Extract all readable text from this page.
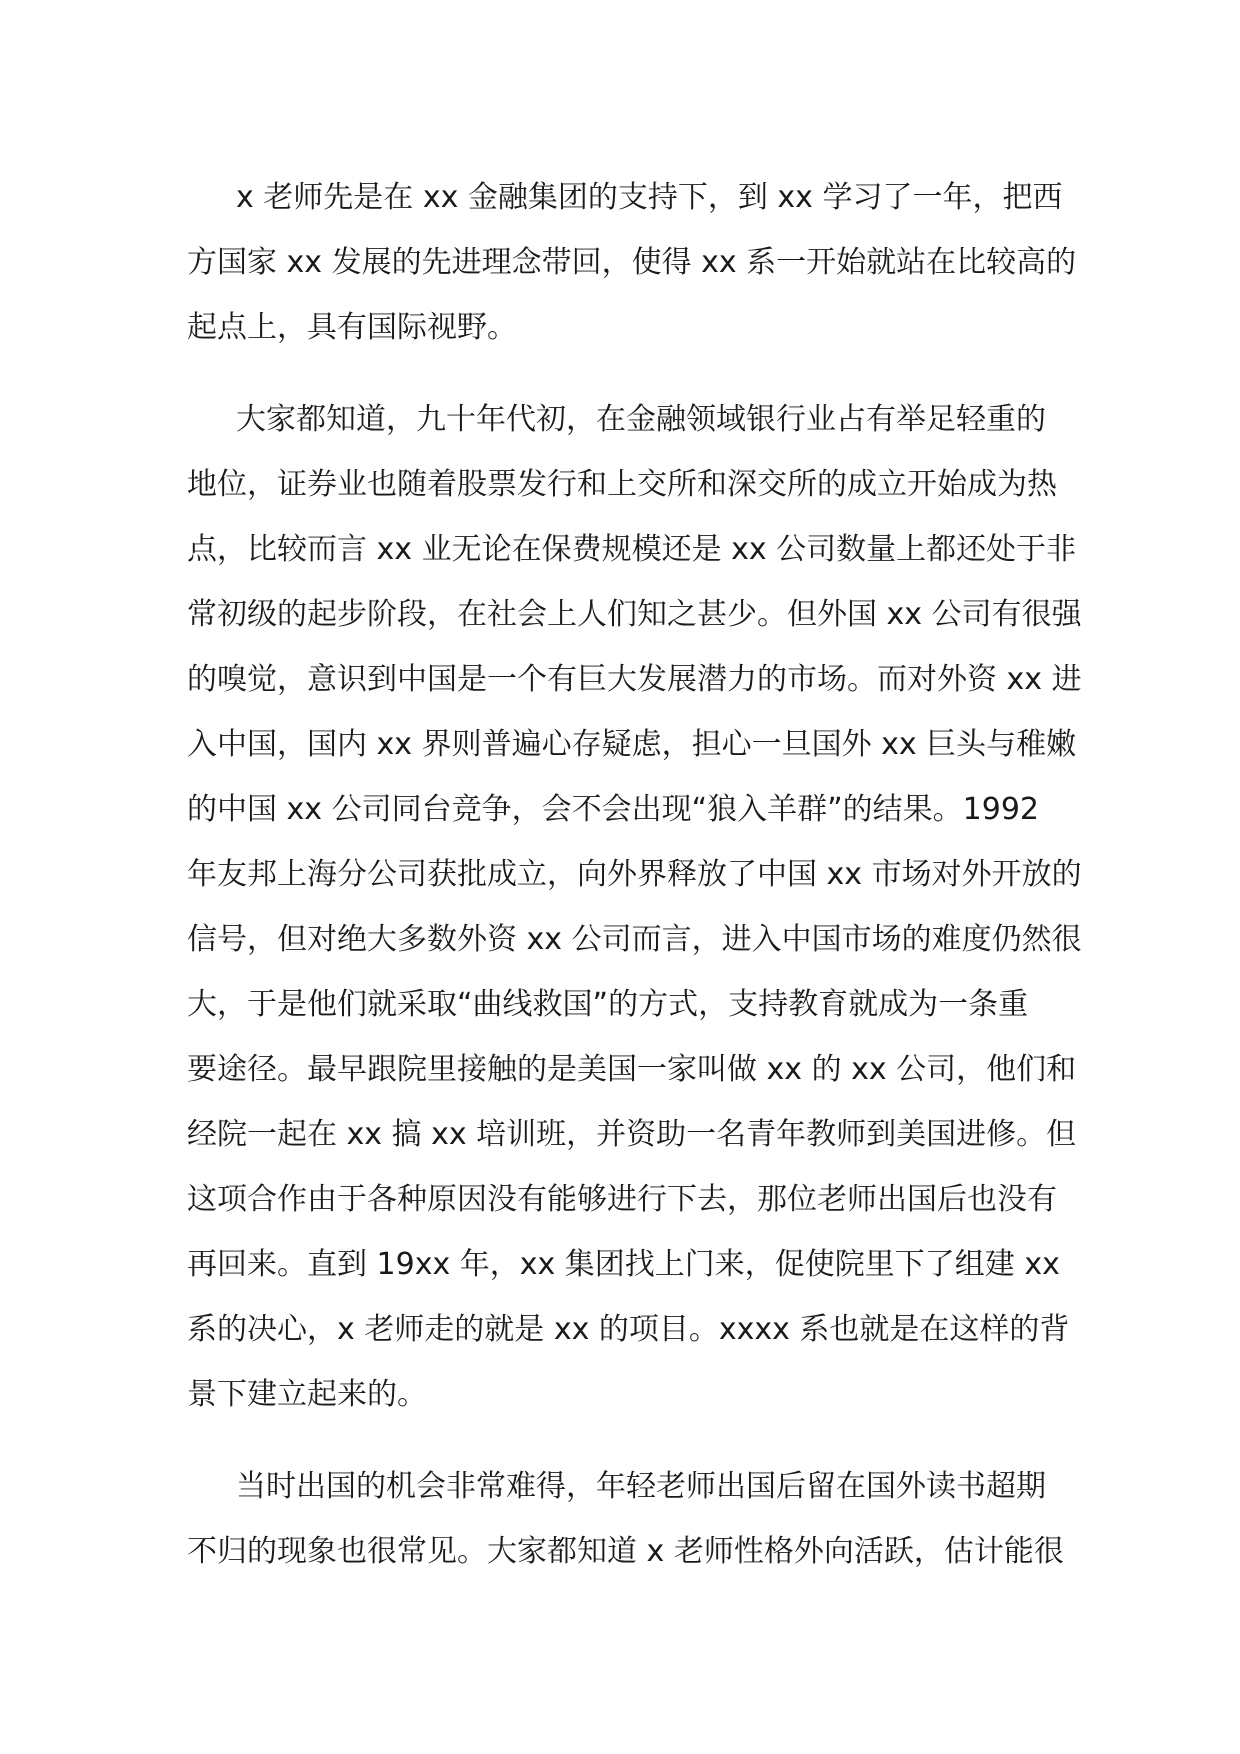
x 老师先是在 xx 金融集团的支持下，到 xx 学习了一年，把西
方国家 xx 发展的先进理念带回，使得 xx 系一开始就站在比较高的
起点上，具有国际视野。
大家都知道，九十年代初，在金融领域银行业占有举足轻重的
地位，证券业也随着股票发行和上交所和深交所的成立开始成为热
点，比较而言 xx 业无论在保费规模还是 xx 公司数量上都还处于非
常初级的起步阶段，在社会上人们知之甚少。但外国 xx 公司有很强
的嗅觉，意识到中国是一个有巨大发展潜力的市场。而对外资 xx 进
入中国，国内 xx 界则普遍心存疑虑，担心一旦国外 xx 巨头与稚嫩
的中国 xx 公司同台竞争，会不会出现“狼入羊群”的结果。1992
年友邦上海分公司获批成立，向外界释放了中国 xx 市场对外开放的
信号，但对绝大多数外资 xx 公司而言，进入中国市场的难度仍然很
大，于是他们就采取“曲线救国”的方式，支持教育就成为一条重
要途径。最早跟院里接触的是美国一家叫做 xx 的 xx 公司，他们和
经院一起在 xx 搞 xx 培训班，并资助一名青年教师到美国进修。但
这项合作由于各种原因没有能够进行下去，那位老师出国后也没有
再回来。直到 19xx 年，xx 集团找上门来，促使院里下了组建 xx
系的决心，x 老师走的就是 xx 的项目。xxxx 系也就是在这样的背
景下建立起来的。
当时出国的机会非常难得，年轻老师出国后留在国外读书超期
不归的现象也很常见。大家都知道 x 老师性格外向活跃，估计能很
